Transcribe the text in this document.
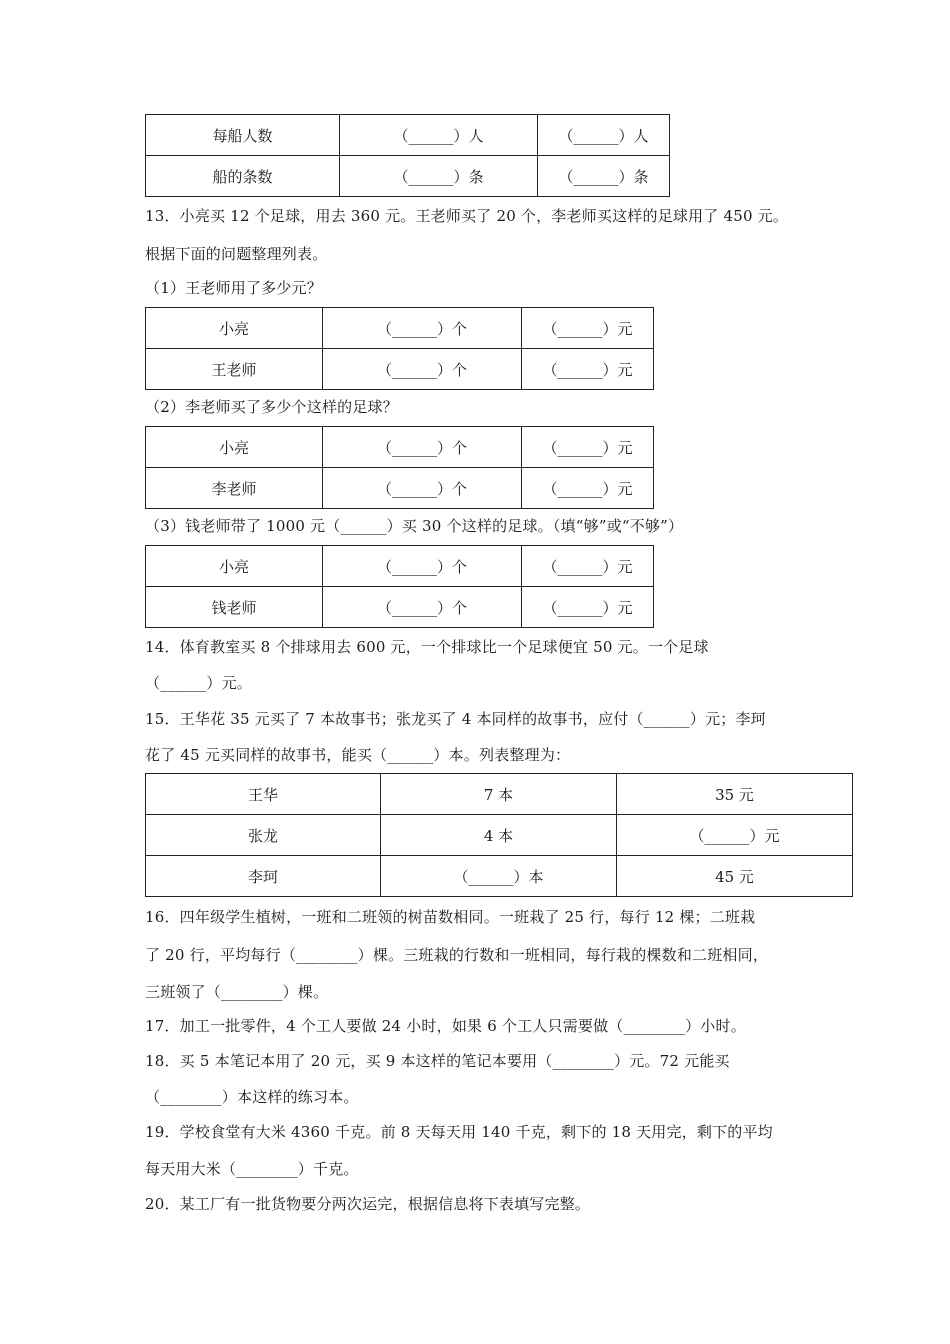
每船人数	（______）人	（______）人
船的条数	（______）条	（______）条
13．小亮买 12 个足球，用去 360 元。王老师买了 20 个，李老师买这样的足球用了 450 元。
根据下面的问题整理列表。
（1）王老师用了多少元？
小亮	（______）个	（______）元
王老师	（______）个	（______）元
（2）李老师买了多少个这样的足球？
小亮	（______）个	（______）元
李老师	（______）个	（______）元
（3）钱老师带了 1000 元（______）买 30 个这样的足球。（填“够”或“不够”）
小亮	（______）个	（______）元
钱老师	（______）个	（______）元
14．体育教室买 8 个排球用去 600 元，一个排球比一个足球便宜 50 元。一个足球
（______）元。
15．王华花 35 元买了 7 本故事书；张龙买了 4 本同样的故事书，应付（______）元；李珂
花了 45 元买同样的故事书，能买（______）本。列表整理为：
王华	7 本	35 元
张龙	4 本	（______）元
李珂	（______）本	45 元
16．四年级学生植树，一班和二班领的树苗数相同。一班栽了 25 行，每行 12 棵；二班栽
了 20 行，平均每行（________）棵。三班栽的行数和一班相同，每行栽的棵数和二班相同，
三班领了（________）棵。
17．加工一批零件，4 个工人要做 24 小时，如果 6 个工人只需要做（________）小时。
18．买 5 本笔记本用了 20 元，买 9 本这样的笔记本要用（________）元。72 元能买
（________）本这样的练习本。
19．学校食堂有大米 4360 千克。前 8 天每天用 140 千克，剩下的 18 天用完，剩下的平均
每天用大米（________）千克。
20．某工厂有一批货物要分两次运完，根据信息将下表填写完整。
